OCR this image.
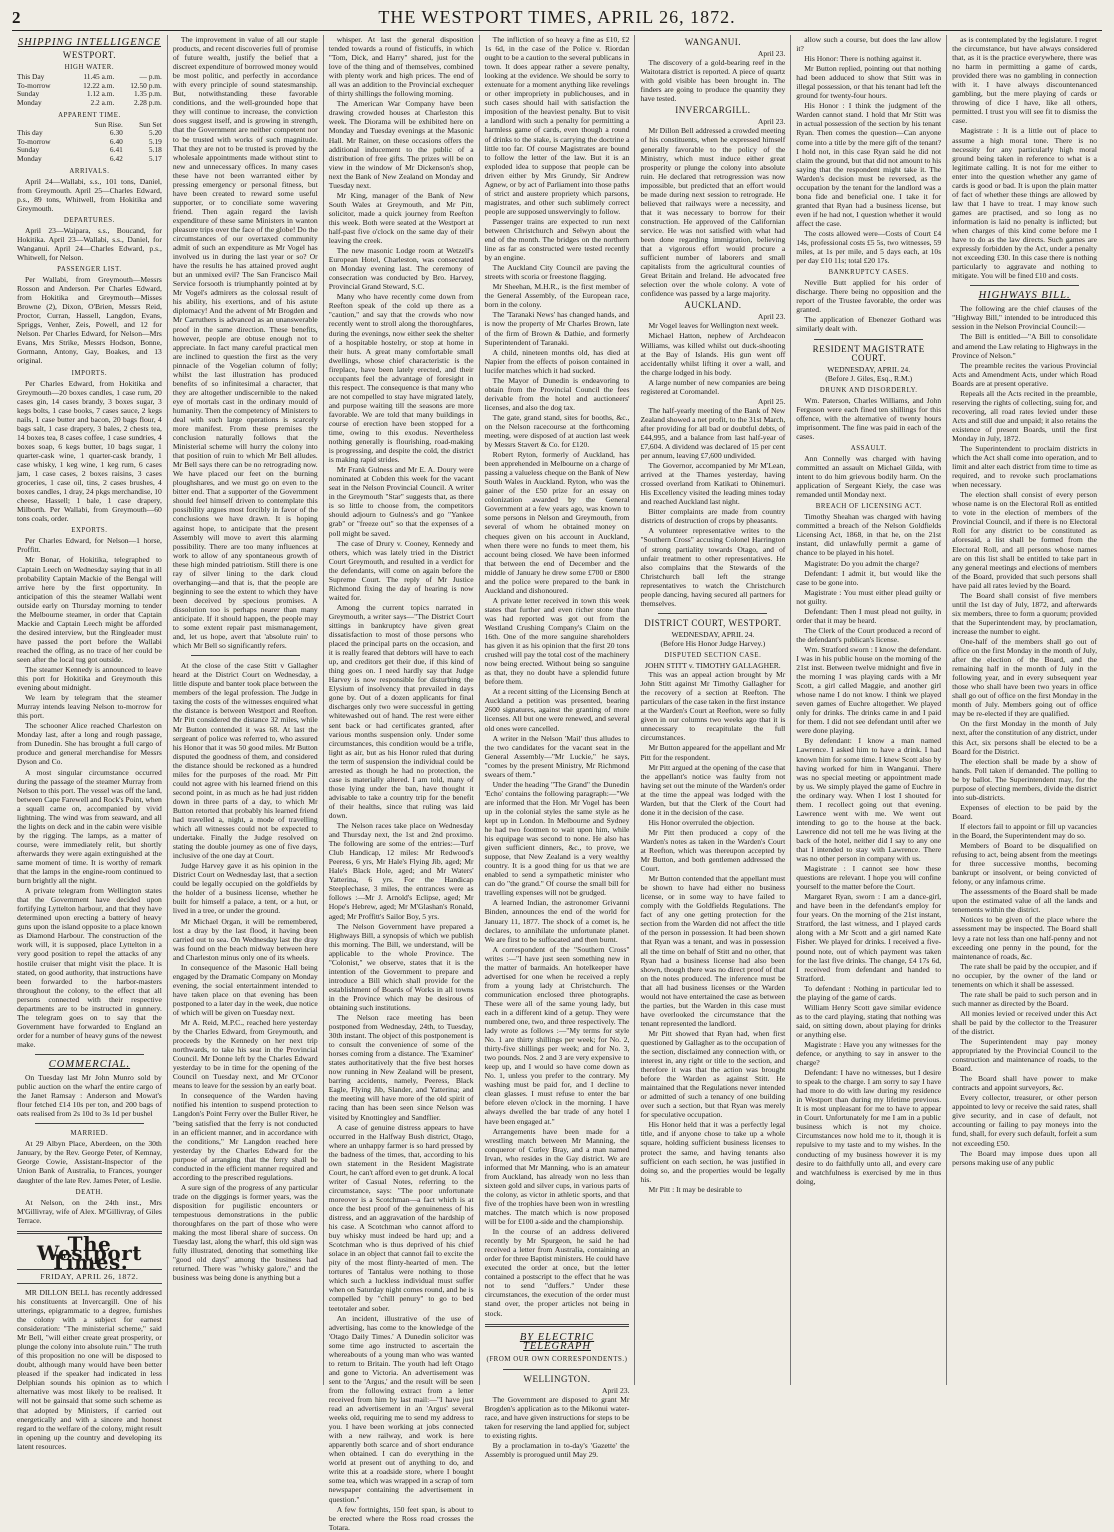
2	THE WESTPORT TIMES, APRIL 26, 1872.
SHIPPING INTELLIGENCE
WESTPORT.
HIGH WATER.
This Day	11.45 a.m.	— p.m.
To-morrow	12.22 a.m.	12.50 p.m.
Sunday	1.12 a.m.	1.35 p.m.
Monday	2.2 a.m.	2.28 p.m.
APPARENT TIME.
	Sun Rise.	Sun Set
This day	6.30	5.20
To-morrow	6.40	5.19
Sunday	6.41	5.18
Monday	6.42	5.17
ARRIVALS.

April 24—Wallabi, s.s., 101 tons, Daniel, from Greymouth. April 25—Charles Edward, p.s., 89 tons, Whitwell, from Hokitika and Greymouth.

DEPARTURES.

April 23—Waipara, s.s., Boucand, for Hokitika. April 23—Wallabi, s.s., Daniel, for Wanganui. April 24—Charles Edward, p.s., Whitwell, for Nelson.

PASSENGER LIST.

Per Wallabi, from Greymouth—Messrs Rosson and Anderson. Per Charles Edward, from Hokitika and Greymouth—Misses Browne (2), Dixon, O'Brien, Messrs Reid, Proctor, Curran, Hassell, Langdon, Evans, Spriggs, Venher, Zeis, Powell, and 12 for Nelson. Per Charles Edward, for Nelson—Mrs Evans, Mrs Strike, Messrs Hodson, Bonne, Gormann, Antony, Gay, Boakes, and 13 original.

IMPORTS.

Per Charles Edward, from Hokitika and Greymouth—20 boxes candles, 1 case rum, 20 cases gin, 14 cases brandy, 3 boxes sugar, 3 kegs bolts, 1 case books, 7 cases sauce, 2 kegs nails, 1 case butter and bacon, 20 bags flour, 4 bags salt, 1 case drapery, 3 bales, 2 chests tea, 14 boxes tea, 8 cases coffee, 1 case sundries, 4 boxes soap, 6 kegs butter, 10 bags sugar, 1 quarter-cask wine, 1 quarter-cask brandy, 1 case whisky, 1 keg wine, 1 keg rum, 6 cases jam, 1 case cases, 2 boxes raisins, 3 cases groceries, 1 case oil, tins, 2 cases brushes, 4 boxes candles, 1 dray, 24 pkgs merchandise, 10 cheese, Hassell; 1 bale, 1 case drapery, Milborth. Per Wallabi, from Greymouth—60 tons coals, order.

EXPORTS.

Per Charles Edward, for Nelson—1 horse, Proffitt.

Mr Bonar, of Hokitika, telegraphed to Captain Leech on Wednesday saying that in all probability Captain Mackie of the Bengal will arrive here by the first opportunity. In anticipation of this the steamer Wallabi went outside early on Thursday morning to tender the Melbourne steamer, in order that Captain Mackie and Captain Leech might be afforded the desired interview, but the Ringleader must have passed the port before the Wallabi reached the offing, as no trace of her could be seen after the local tug got outside.

The steamer Kennedy is announced to leave this port for Hokitika and Greymouth this evening about midnight.

We learn by telegram that the steamer Murray intends leaving Nelson to-morrow for this port.

The schooner Alice reached Charleston on Monday last, after a long and rough passage, from Dunedin. She has brought a full cargo of produce and general merchandise for Messrs Dyson and Co.

A most singular circumstance occurred during the passage of the steamer Murray from Nelson to this port. The vessel was off the land, between Cape Farewell and Rock's Point, when a squall came on, accompanied by vivid lightning. The wind was from seaward, and all the lights on deck and in the cabin were visible by the rigging. The lamps, as a matter of course, were immediately relit, but shortly afterwards they were again extinguished at the same moment of time. It is worthy of remark that the lamps in the engine-room continued to burn brightly all the night.

A private telegram from Wellington states that the Government have decided upon fortifying Lyttelton harbour, and that they have determined upon erecting a battery of heavy guns upon the island opposite to a place known as Diamond Harbour. The construction of the work will, it is supposed, place Lyttelton in a very good position to repel the attacks of any hostile cruiser that might visit the place. It is stated, on good authority, that instructions have been forwarded to the harbor-masters throughout the colony, to the effect that all persons connected with their respective departments are to be instructed in gunnery. The telegram goes on to say that the Government have forwarded to England an order for a number of heavy guns of the newest make.

COMMERCIAL.

On Tuesday last Mr John Munro sold by public auction on the wharf the entire cargo of the Janet Ramsay : Anderson and Mowat's flour fetched £14 10s per ton, and 200 bags of oats realised from 2s 10d to 3s 1d per bushel

MARRIED.

At 29 Albyn Place, Aberdeen, on the 30th January, by the Rev. George Peter, of Kemnay, George Cowie, Assistant-Inspector of the Union Bank of Australia, to Frances, younger daughter of the late Rev. James Peter, of Leslie.

DEATH.

At Nelson, on the 24th inst., Mrs M'Gillivray, wife of Alex. M'Gillivray, of Giles Terrace.

The Westport Times.
FRIDAY, APRIL 26, 1872.

MR DILLON BELL has recently addressed his constituents at Invercargill. One of his utterings, epigrammatic to a degree, furnishes the colony with a subject for earnest consideration: "The ministerial scheme," said Mr Bell, "will either create great prosperity, or plunge the colony into absolute ruin." The truth of this proposition no one will be disposed to doubt, although many would have been better pleased if the speaker had indicated in less Delphian sounds his opinion as to which alternative was most likely to be realised. It will not be gainsaid that some such scheme as that adopted by Ministers, if carried out energetically and with a sincere and honest regard to the welfare of the colony, might result in opening up the country and developing its latent resources.

The improvement in value of all our staple products, and recent discoveries full of promise of future wealth, justify the belief that a discreet expenditure of borrowed money would be most politic, and perfectly in accordance with every principle of sound statesmanship. But, notwithstanding these favorable conditions, and the well-grounded hope that they will continue to increase, the conviction does suggest itself, and is growing in strength, that the Government are neither competent nor to be trusted with works of such magnitude. That they are not to be trusted is proved by the wholesale appointments made without stint to new and unnecessary offices. In many cases these have not been warranted either by pressing emergency or personal fitness, but have been created to reward some useful supporter, or to conciliate some wavering friend. Then again regard the lavish expenditure of these same Ministers in wanton pleasure trips over the face of the globe! Do the circumstances of our overtaxed community admit of such an expenditure as Mr Vogel has involved us in during the last year or so? Or have the results he has attained proved aught but an unmixed evil? The San Francisco Mail Service forsooth is triumphantly pointed at by Mr Vogel's admirers as the colossal result of his ability, his exertions, and of his astute diplomacy! And the advent of Mr Brogden and Mr Carruthers is advanced as an unanswerable proof in the same direction. These benefits, however, people are obtuse enough not to appreciate. In fact many careful practical men are inclined to question the first as the very pinnacle of the Vogelian column of folly; whilst the last illustration has produced benefits of so infinitesimal a character, that they are altogether undiscernible to the naked eye of mortals cast in the ordinary mould of humanity. Then the competency of Ministers to deal with such large operations is scarcely more manifest. From these premises the conclusion naturally follows that the Ministerial scheme will hurry the colony into that position of ruin to which Mr Bell alludes. Mr Bell says there can be no retrograding now. We have placed our feet on the burning ploughshares, and we must go on even to the bitter end. That a supporter of the Government should feel himself driven to contemplate this possibility argues most forcibly in favor of the conclusions we have drawn. It is hoping against hope, to anticipate that the present Assembly will move to avert this alarming possibility. There are too many influences at work to allow of any spontaneous growth of these high minded patriotism. Still there is one ray of silver lining to the dark cloud overhanging—and that is, that the people are beginning to see the extent to which they have been deceived by specious promises. A dissolution too is perhaps nearer than many anticipate. If it should happen, the people may to some extent repair past mismanagement, and, let us hope, avert that 'absolute ruin' to which Mr Bell so significantly refers.

At the close of the case Stitt v Gallagher heard at the District Court on Wednesday, a little dispute and banter took place between the members of the legal profession. The Judge in taxing the costs of the witnesses enquired what the distance is between Westport and Reefton. Mr Pitt considered the distance 32 miles, while Mr Button contended it was 68. At last the sergeant of police was referred to, who assured his Honor that it was 50 good miles. Mr Button disputed the goodness of them, and considered the distance should be reckoned as a hundred miles for the purposes of the road. Mr Pitt could not agree with his learned friend on this second point, in as much as he had just ridden down in three parts of a day, to which Mr Button retorted that probably his learned friend had travelled a, night, a mode of travelling which all witnesses could not be expected to undertake. Finally the Judge resolved on stating the double journey as one of five days, inclusive of the one day at Court.

Judge Harvey gave it as his opinion in the District Court on Wednesday last, that a section could be legally occupied on the goldfields by the holder of a business license, whether he built for himself a palace, a tent, or a hut, or lived in a tree, or under the ground.

Mr Michael Organ, it will be remembered, lost a dray by the last flood, it having been carried out to sea. On Wednesday last the dray was found on the beach midway between here and Charleston minus only one of its wheels.

In consequence of the Masonic Hall being engaged by the Dramatic Company on Monday evening, the social entertainment intended to have taken place on that evening has been postponed to a later day in the week, due notice of which will be given on Tuesday next.

Mr A. Reid, M.P.C., reached here yesterday by the Charles Edward, from Greymouth, and proceeds by the Kennedy on her next trip northwards, to take his seat in the Provincial Council. Mr Donne left by the Charles Edward yesterday to be in time for the opening of the Council on Tuesday next, and Mr O'Conor means to leave for the session by an early boat.

In consequence of the Warden having notified his intention to suspend protection to Langdon's Point Ferry over the Buller River, he "being satisfied that the ferry is not conducted in an efficient manner, and in accordance with the conditions," Mr Langdon reached here yesterday by the Charles Edward for the purpose of arranging that the ferry shall be conducted in the efficient manner required and according to the prescribed regulations.

A sure sign of the progress of any particular trade on the diggings is former years, was the disposition for pugilistic encounters or tempestuous demonstrations in the public thoroughfares on the part of those who were making the most liberal share of success. On Tuesday last, along the wharf, this old sign was fully illustrated, denoting that something like "good old days" among the business had returned. There was "whisky galore," and the business was being done is anything but a

whisper. At last the general disposition tended towards a round of fisticuffs, in which "Tom, Dick, and Harry" shared, just for the love of the thing and of themselves, combined with plenty work and high prices. The end of all was an addition to the Provincial exchequer of thirty shillings the following morning.

The American War Company have been drawing crowded houses at Charleston this week. The Diorama will be exhibited here on Monday and Tuesday evenings at the Masonic Hall. Mr Rainer, on these occasions offers the additional inducement to the public of a distribution of free gifts. The prizes will be on view in the window of Mr Dickenson's shop, next the Bank of New Zealand on Monday and Tuesday next.

Mr King, manager of the Bank of New South Wales at Greymouth, and Mr Pitt, solicitor, made a quick journey from Reefton this week. Both were seated at the Westport at half-past five o'clock on the same day of their leaving the creek.

The new masonic Lodge room at Wetzell's European Hotel, Charleston, was consecrated on Monday evening last. The ceremony of consecration was conducted by Bro. Harvey, Provincial Grand Steward, S.C.

Many who have recently come down from Reefton speak of the cold up there as a "caution," and say that the crowds who now recently went to stroll along the thoroughfares, during the evenings, now either seek the shelter of a hospitable hostelry, or stop at home in their huts. A great many comfortable small dwellings, whose chief characteristic is the fireplace, have been lately erected, and their occupants feel the advantage of foresight in this respect. The consequence is that many who are not compelled to stay have migrated lately, and purpose waiting till the seasons are more favorable. We are told that many buildings in course of erection have been stopped for a time, owing to this exodus. Nevertheless nothing generally is flourishing, road-making is progressing, and despite the cold, the district is making rapid strides.

Mr Frank Gulness and Mr E. A. Doury were nominated at Cobden this week for the vacant seat in the Nelson Provincial Council. A writer in the Greymouth "Star" suggests that, as there is so little to choose from, the competitors should adjourn to Gulness's and go "Yankee grab" or "freeze out" so that the expenses of a poll might be saved.

The case of Drury v. Cooney, Kennedy and others, which was lately tried in the District Court Greymouth, and resulted in a verdict for the defendants, will come on again before the Supreme Court. The reply of Mr Justice Richmond fixing the day of hearing is now waited for.

Among the current topics narrated in Greymouth, a writer says—"The District Court sittings in bankruptcy have given great dissatisfaction to most of those persons who placed the principal parts on the occasion, and it is really feared that debtors will have to each up, and creditors get their due, if this kind of thing goes on. I need hardly say that Judge Harvey is now responsible for disturbing the Elysium of insolvency that prevailed in days gone by. Out of a dozen applicants for final discharges only two were successful in getting whitewashed out of hand. The rest were either sent back or had certificates granted, after various months suspension only. Under some circumstances, this condition would be a trifle, light as air, but as his Honor ruled that during the term of suspension the individual could be arrested as though he had no protection, the case is materially altered. I am told, many of those lying under the ban, have thought it advisable to take a country trip for the benefit of their healths, since that ruling was laid down.

The Nelson races take place on Wednesday and Thursday next, the 1st and 2nd proximo. The following are some of the entries:—Turf Club Handicap, 12 miles: Mr Redwood's Peeress, 6 yrs, Mr Hale's Flying Jib, aged; Mr Hale's Black Hole, aged; and Mr Waters' Yatterina, 6 yrs. For the Handicap Steeplechase, 3 miles, the entrances were as follows :—Mr J. Arnold's Eclipse, aged; Mr Hope's Hebrew, aged; Mr M'Glashan's Ronald, aged; Mr Proffitt's Sailor Boy, 5 yrs.

The Nelson Government have prepared a Highways Bill, a synopsis of which we publish this morning. The Bill, we understand, will be applicable to the whole Province. The "Colonist," we observe, states that it is the intention of the Government to prepare and introduce a Bill which shall provide for the establishment of Boards of Works in all towns in the Province which may be desirous of obtaining such institutions.

The Nelson race meeting has been postponed from Wednesday, 24th, to Tuesday, 30th instant. The object of this postponement is to consult the convenience of some of the horses coming from a distance. The 'Examiner' states authoritatively that the five best horses now running in New Zealand will be present, barring accidents, namely, Peeress, Black Eagle, Flying Jib, Slander, and Yatterina; and the meeting will have more of the old spirit of racing than has been seen since Nelson was visited by Knottingley and Sandflier.

A case of genuine distress appears to have occurred in the Halfway Bush district, Otago, where an unhappy farmer is so hard pressed by the badness of the times, that, according to his own statement in the Resident Magistrate Court, he can't afford even to get drunk. A local writer of Casual Notes, referring to the circumstance, says: "The poor unfortunate moreover is a Scotchman—a fact which is at once the best proof of the genuineness of his distress, and an aggravation of the hardship of his case. A Scotchman who cannot afford to buy whisky must indeed be hard up; and a Scotchman who is thus deprived of his chief solace in an object that cannot fail to excite the pity of the most flinty-hearted of men. The tortures of Tantalus were nothing to those which such a luckless individual must suffer when on Saturday night comes round, and he is compelled by "chill penury" to go to bed teetotaler and sober.

An incident, illustrative of the use of advertising, has come to the knowledge of the 'Otago Daily Times.' A Dunedin solicitor was some time ago instructed to ascertain the whereabouts of a young man who was wanted to return to Britain. The youth had left Otago and gone to Victoria. An advertisement was sent to the 'Argus,' and the result will be seen from the following extract from a letter received from him by last mail:—"I have just read an advertisement in an 'Argus' several weeks old, requiring me to send my address to you. I have been working at jobs connected with a new railway, and work is here apparently both scarce and of short endurance when obtained. I can do everything in the world at present out of anything to do, and write this at a roadside store, where I bought some tea, which was wrapped in a scrap of torn newspaper containing the advertisement in question."

A few fortnights, 150 feet span, is about to be erected where the Ross road crosses the Totara.

The infliction of so heavy a fine as £10, £2 1s 6d, in the case of the Police v. Riordan ought to be a caution to the several publicans in town. It does appear rather a severe penalty, looking at the evidence. We should be sorry to extenuate for a moment anything like revelings or other impropriety in publichouses, and in such cases should hail with satisfaction the imposition of the heaviest penalty. But to visit a landlord with such a penalty for permitting a harmless game of cards, even though a round of drinks to the stake, is carrying the doctrine a little too far. Of course Magistrates are bound to follow the letter of the law. But it is an exploded idea to suppose that people can be driven either by Mrs Grundy, Sir Andrew Agnew, or by act of Parliament into those paths of strict and austere propriety which parsons, magistrates, and other such sublimely correct people are supposed unswervingly to follow.

Passenger trains are expected to run next between Christchurch and Selwyn about the end of the month. The bridges on the northern line as far as constructed were tested recently by an engine.

The Auckland City Council are paving the streets with scoria or freestone flagging.

Mr Sheehan, M.H.R., is the first member of the General Assembly, of the European race, born in the colony.

The 'Taranaki News' has changed hands, and is now the property of Mr Charles Brown, late of the firm of Brown & Dathie, and formerly Superintendent of Taranaki.

A child, nineteen months old, has died at Napier from the effects of poison contained in lucifer matches which it had sucked.

The Mayor of Dunedin is endeavoring to obtain from the Provincial Council the fees derivable from the hotel and auctioneers' licenses, and also the dog tax.

The gate, grand stand, sites for booths, &c., on the Nelson racecourse at the forthcoming meeting, were disposed of at auction last week by Messrs Stavert & Co. for £120.

Robert Ryton, formerly of Auckland, has been apprehended in Melbourne on a charge of passing a valueless cheque on the Bank of New South Wales in Auckland. Ryton, who was the gainer of the £50 prize for an essay on colonization awarded by the General Government at a few years ago, was known to some persons in Nelson and Greymouth, from several of whom he obtained money on cheques given on his account in Auckland, when there were no funds to meet them, his account being closed. We have been informed that between the end of December and the middle of January he drew some £700 or £800 and the police were prepared to the bank in Auckland and dishonoured.

A private letter received in town this week states that further and even richer stone than was had reported was got out from the Westland Crushing Company's Claim on the 16th. One of the more sanguine shareholders has given it as his opinion that the first 20 tons crushed will pay the total cost of the machinery now being erected. Without being so sanguine as that, they no doubt have a splendid future before them.

At a recent sitting of the Licensing Bench at Auckland a petition was presented, bearing 2600 signatures, against the granting of more licenses. All but one were renewed, and several old ones were cancelled.

A writer in the Nelson 'Mail' thus alludes to the two candidates for the vacant seat in the General Assembly—"Mr Luckie," he says, "comes by the present Ministry, Mr Richmond swears of them."

Under the heading "The Grand" the Dunedin 'Echo' contains the following paragraph:—"We are informed that the Hon. Mr Vogel has been up in the colonial styles the same style as he kept up in London. In Melbourne and Sydney he had two footmen to wait upon him, while his equipage was second to none. He also has given sufficient dinners, &c., to prove, we suppose, that New Zealand is a very wealthy country. It is a good thing for us that we are enabled to send a sympathetic minister who can do "the grand." Of course the small bill for travelling expenses will not be grudged.

A learned Indian, the astronomer Grivanni Binden, announces the end of the world for January 11, 1877. The shock of a comet is, he declares, to annihilate the unfortunate planet. We are first to be suffocated and then burnt.

A correspondent of the "Southern Cross" writes :—"I have just seen something new in the matter of barmaids. An hotelkeeper have advertised for one when he received a reply from a young lady at Christchurch. The communication enclosed three photographs. These were all of the same young lady, but each in a different kind of a getup. They were numbered one, two, and three respectively. The lady wrote as follows :—"My terms for style No. 1 are thirty shillings per week; for No. 2, thirty-five shillings per week; and for No. 3, two pounds. Nos. 2 and 3 are very expensive to keep up, and I would so have come down as No. 1, unless you prefer to the contrary. My washing must be paid for, and I decline to clean glasses. I must refuse to enter the bar before eleven o'clock in the morning. I have always dwelled the bar trade of any hotel I have been engaged at."

Arrangements have been made for a wrestling match between Mr Manning, the conqueror of Curley Bray, and a man named Irvan, who resides in the Gay district. We are informed that Mr Manning, who is an amateur from Auckland, has already won no less than sixteen gold and silver cups, in various parts of the colony, as victor in athletic sports, and that five of the trophies have been won in wrestling matches. The match which is now proposed will be for £100 a-side and the championship.

In the course of an address delivered recently by Mr Spurgeon, he said he had received a letter from Australia, containing an order for three Baptist ministers. He could have executed the order at once, but the letter contained a postscript to the effect that he was not to send "duffers." Under these circumstances, the execution of the order must stand over, the proper articles not being in stock.

BY ELECTRIC TELEGRAPH
(FROM OUR OWN CORRESPONDENTS.)
WELLINGTON.
April 23.

The Government are disposed to grant Mr Brogden's application as to the Mikonui water-race, and have given instructions for steps to be taken for reserving the land applied for, subject to existing rights.

By a proclamation in to-day's 'Gazette' the Assembly is prorogued until May 29.

WANGANUI.
April 23.

The discovery of a gold-bearing reef in the Waitotara district is reported. A piece of quartz with gold visible has been brought in. The finders are going to produce the quantity they have tested.

INVERCARGILL.
April 23.

Mr Dillon Bell addressed a crowded meeting of his constituents, when he expressed himself generally favorable to the policy of the Ministry, which must induce either great prosperity or plunge the colony into absolute ruin. He declared that retrogression was now impossible, but predicted that an effort would be made during next session to retrograde. He believed that railways were a necessity, and that it was necessary to borrow for their construction. He approved of the Californian service. He was not satisfied with what had been done regarding immigration, believing that a vigorous effort would procure a sufficient number of laborers and small capitalists from the agricultural counties of Great Britain and Ireland. He advocated free selection over the whole colony. A vote of confidence was passed by a large majority.

AUCKLAND.
April 23.

Mr Vogel leaves for Wellington next week.

Michael Hatton, nephew of Archdeacon Williams, was killed whilst out duck-shooting at the Bay of Islands. His gun went off accidentally whilst lifting it over a wall, and the charge lodged in his body.

A large number of new companies are being registered at Coromandel.

April 25.

The half-yearly meeting of the Bank of New Zealand showed a net profit, to the 31st March, after providing for all bad or doubtful debts, of £44,995, and a balance from last half-year of £7,604. A dividend was declared of 15 per cent per annum, leaving £7,600 undivided.

The Governor, accompanied by Mr M'Lean, arrived at the Thames yesterday, having crossed overland from Katikati to Ohinemuri. His Excellency visited the leading mines today and reached Auckland last night.

Bitter complaints are made from country districts of destruction of crops by pheasants.

A volunteer representative writes to the "Southern Cross" accusing Colonel Harrington of strong partiality towards Otago, and of unfair treatment to other representatives. He also complains that the Stewards of the Christchurch ball left the strange representatives to watch the Christchurch people dancing, having secured all partners for themselves.

DISTRICT COURT, WESTPORT.
WEDNESDAY, APRIL 24.
(Before His Honor Judge Harvey.)
DISPUTED SECTION CASE.
JOHN STITT v. TIMOTHY GALLAGHER.

This was an appeal action brought by Mr John Stitt against Mr Timothy Gallagher for the recovery of a section at Reefton. The particulars of the case taken in the first instance at the Warden's Court at Reefton, were so fully given in our columns two weeks ago that it is unnecessary to recapitulate the full circumstances.

Mr Button appeared for the appellant and Mr Pitt for the respondent.

Mr Pitt argued at the opening of the case that the appellant's notice was faulty from not having set out the minute of the Warden's order at the time the appeal was lodged with the Warden, but that the Clerk of the Court had done it in the decision of the case.

His Honor overruled the objection.

Mr Pitt then produced a copy of the Warden's notes as taken in the Warden's Court at Reefton, which was thereupon accepted by Mr Button, and both gentlemen addressed the Court.

Mr Button contended that the appellant must be shown to have had either no business license, or in some way to have failed to comply with the Goldfields Regulations. The fact of any one getting protection for the section from the Warden did not affect the title of the person in possession. It had been shown that Ryan was a tenant, and was in possession all the time on behalf of Stitt and no other, that Ryan had a business license had also been shown, though there was no direct proof of that on the notes produced. The inference must be that all had business licenses or the Warden would not have entertained the case as between the parties, but the Warden in this case must have overlooked the circumstance that the tenant represented the landlord.

Mr Pitt showed that Ryan had, when first questioned by Gallagher as to the occupation of the section, disclaimed any connection with, or interest in, any right or title to the section, and therefore it was that the action was brought before the Warden as against Stitt. He maintained that the Regulations never intended or admitted of such a tenancy of one building over such a section, but that Ryan was merely for speculative occupation.

His Honor held that it was a perfectly legal title, and if anyone chose to take up a whole square, holding sufficient business licenses to protect the same, and having tenants also sufficient on each section, he was justified in doing so, and the properties would be legally his.

Mr Pitt : It may be desirable to

allow such a course, but does the law allow it?

His Honor: There is nothing against it.

Mr Button replied, pointing out that nothing had been adduced to show that Stitt was in illegal possession, or that his tenant had left the ground for twenty-four hours.

His Honor : I think the judgment of the Warden cannot stand. I hold that Mr Stitt was in actual possession of the section by his tenant Ryan. Then comes the question—Can anyone come into a title by the mere gift of the tenant? I hold not, in this case Ryan said he did not claim the ground, but that did not amount to his saying that the respondent might take it. The Warden's decision must be reversed, as the occupation by the tenant for the landlord was a bona fide and beneficial one. I take it for granted that Ryan had a business license, but even if he had not, I question whether it would affect the case.

The costs allowed were—Costs of Court £4 14s, professional costs £5 5s, two witnesses, 59 miles, at 1s per mile, and 5 days each, at 10s per day £10 11s; total £20 17s.

BANKRUPTCY CASES.

Neville Butt applied for his order of discharge. There being no opposition and the report of the Trustee favorable, the order was granted.

The application of Ebenezer Gothard was similarly dealt with.

RESIDENT MAGISTRATE COURT.
WEDNESDAY, APRIL 24.
(Before J. Giles, Esq., R.M.)
DRUNK AND DISORDERLY.

Wm. Paterson, Charles Williams, and John Ferguson were each fined ten shillings for this offence, with the alternative of twenty hours imprisonment. The fine was paid in each of the cases.

ASSAULT.

Ann Connelly was charged with having committed an assault on Michael Gilda, with intent to do him grievous bodily harm. On the application of Sergeant Kiely, the case was remanded until Monday next.

BREACH OF LICENSING ACT.

Timothy Sheahan was charged with having committed a breach of the Nelson Goldfields Licensing Act, 1868, in that he, on the 21st instant, did unlawfully permit a game of chance to be played in his hotel.

Magistrate: Do you admit the charge?

Defendant: I admit it, but would like the case to be gone into.

Magistrate : You must either plead guilty or not guilty.

Defendant: Then I must plead not guilty, in order that it may be heard.

The Clerk of the Court produced a record of the defendant's publican's license.

Wm. Stratford sworn : I know the defendant. I was in his public house on the morning of the 21st inst. Between twelve midnight and five in the morning I was playing cards with a Mr Scott, a girl called Maggie, and another girl whose name I do not know. I think we played seven games of Euchre altogether. We played only for drinks. The drinks came in and I paid for them. I did not see defendant until after we were done playing.

By defendant: I know a man named Lawrence. I asked him to have a drink. I had known him for some time. I knew Scott also by having worked for him in Wanganui. There was no special meeting or appointment made by us. We simply played the game of Euchre in the ordinary way. When I lost I shouted for them. I recollect going out that evening. Lawrence went with me. We went out intending to go to the house at the back. Lawrence did not tell me he was living at the back of the hotel, neither did I say to any one that I intended to stay with Lawrence. There was no other person in company with us.

Magistrate : I cannot see how these questions are relevant. I hope you will confine yourself to the matter before the Court.

Margaret Ryan, sworn : I am a dance-girl, and have been in the defendant's employ for four years. On the morning of the 21st instant, Stratford, the last witness, and I played cards along with a Mr Scott and a girl named Kate Fisher. We played for drinks. I received a five-pound note, out of which payment was taken for the last five drinks. The change, £4 17s 6d, I received from defendant and handed to Stratford.

To defendant : Nothing in particular led to the playing of the game of cards.

William Henry Scott gave similar evidence as to the card playing, stating that nothing was said, on sitting down, about playing for drinks or anything else.

Magistrate : Have you any witnesses for the defence, or anything to say in answer to the charge?

Defendant: I have no witnesses, but I desire to speak to the charge. I am sorry to say I have had more to do with law during my residence in Westport than during my lifetime previous. It is most unpleasant for me to have to appear in Court. Unfortunately for me I am in a public business which is not my choice. Circumstances now hold me to it, though it is repulsive to my taste and to my wishes. In the conducting of my business however it is my desire to do faithfully unto all, and every care and watchfulness is exercised by me in thus doing,

as is contemplated by the legislature. I regret the circumstance, but have always considered that, as it is the practice everywhere, there was no harm in permitting a game of cards, provided there was no gambling in connection with it. I have always discountenanced gambling, but the mere playing of cards or throwing of dice I have, like all others, permitted. I trust you will see fit to dismiss the case.

Magistrate : It is a little out of place to assume a high moral tone. There is no necessity for any particularly high moral ground being taken in reference to what is a legitimate calling. It is not for me either to enter into the question whether any game of cards is good or bad. It is upon the plain matter of fact of whether these things are allowed by law that I have to treat. I may know such games are practised, and so long as no information is laid no penalty is inflicted; but when charges of this kind come before me I have to do as the law directs. Such games are expressly forbidden by the Act, under a penalty not exceeding £30. In this case there is nothing particularly to aggravate and nothing to mitigate. You will be fined £10 and costs.

HIGHWAYS BILL.

The following are the chief clauses of the "Highway Bill," intended to be introduced this session in the Nelson Provincial Council:—

The Bill is entitled—"A Bill to consolidate and amend the Law relating to Highways in the Province of Nelson."

The preamble recites the various Provincial Acts and Amendment Acts, under which Road Boards are at present operative.

Repeals all the Acts recited in the preamble, reserving the rights of collecting, suing for, and recovering, all road rates levied under these Acts and still due and unpaid; it also retains the existence of present Boards, until the first Monday in July, 1872.

The Superintendent to proclaim districts in which the Act shall come into operation, and to limit and alter each district from time to time as required, and to revoke such proclamations when necessary.

The election shall consist of every person whose name is on the Electoral Roll as entitled to vote in the election of members of the Provincial Council, and if there is no Electoral Roll for any district to be constituted as aforesaid, a list shall be formed from the Electoral Roll, and all persons whose names are on this list shall be entitled to take part in any general meetings and elections of members of the Board, provided that such persons shall have paid all rates levied by the Board.

The Board shall consist of five members until the 1st day of July, 1872, and afterwards six members, three to form a quorum; provided that the Superintendent may, by proclamation, increase the number to eight.

One-half of the members shall go out of office on the first Monday in the month of July, after the election of the Board, and the remaining half in the month of July in the following year, and in every subsequent year those who shall have been two years in office shall go out of office on the first Monday in the month of July. Members going out of office may be re-elected if they are qualified.

On the first Monday in the month of July next, after the constitution of any district, under this Act, six persons shall be elected to be a Board for the District.

The election shall be made by a show of hands. Poll taken if demanded. The polling to be by ballot. The Superintendent may, for the purpose of electing members, divide the district into sub-districts.

Expenses of election to be paid by the Board.

If electors fail to appoint or fill up vacancies in the Board, the Superintendent may do so.

Members of Board to be disqualified on refusing to act, being absent from the meetings for three successive months, becoming bankrupt or insolvent, or being convicted of felony, or any infamous crime.

The assessments of the Board shall be made upon the estimated value of all the lands and tenements within the district.

Notices to be given of the place where the assessment may be inspected. The Board shall levy a rate not less than one half-penny and not exceeding one penny in the pound, for the maintenance of roads, &c.

The rate shall be paid by the occupier, and if no occupier, by the owner of the land or tenements on which it shall be assessed.

The rate shall be paid to such person and in such manner as directed by the Board.

All monies levied or received under this Act shall be paid by the collector to the Treasurer of the district.

The Superintendent may pay money appropriated by the Provincial Council to the construction and maintenance of roads, to the Board.

The Board shall have power to make contracts and appoint surveyors, &c.

Every collector, treasurer, or other person appointed to levy or receive the said rates, shall give security, and in case of default, not accounting or failing to pay moneys into the fund, shall, for every such default, forfeit a sum not exceeding £50.

The Board may impose dues upon all persons making use of any public
